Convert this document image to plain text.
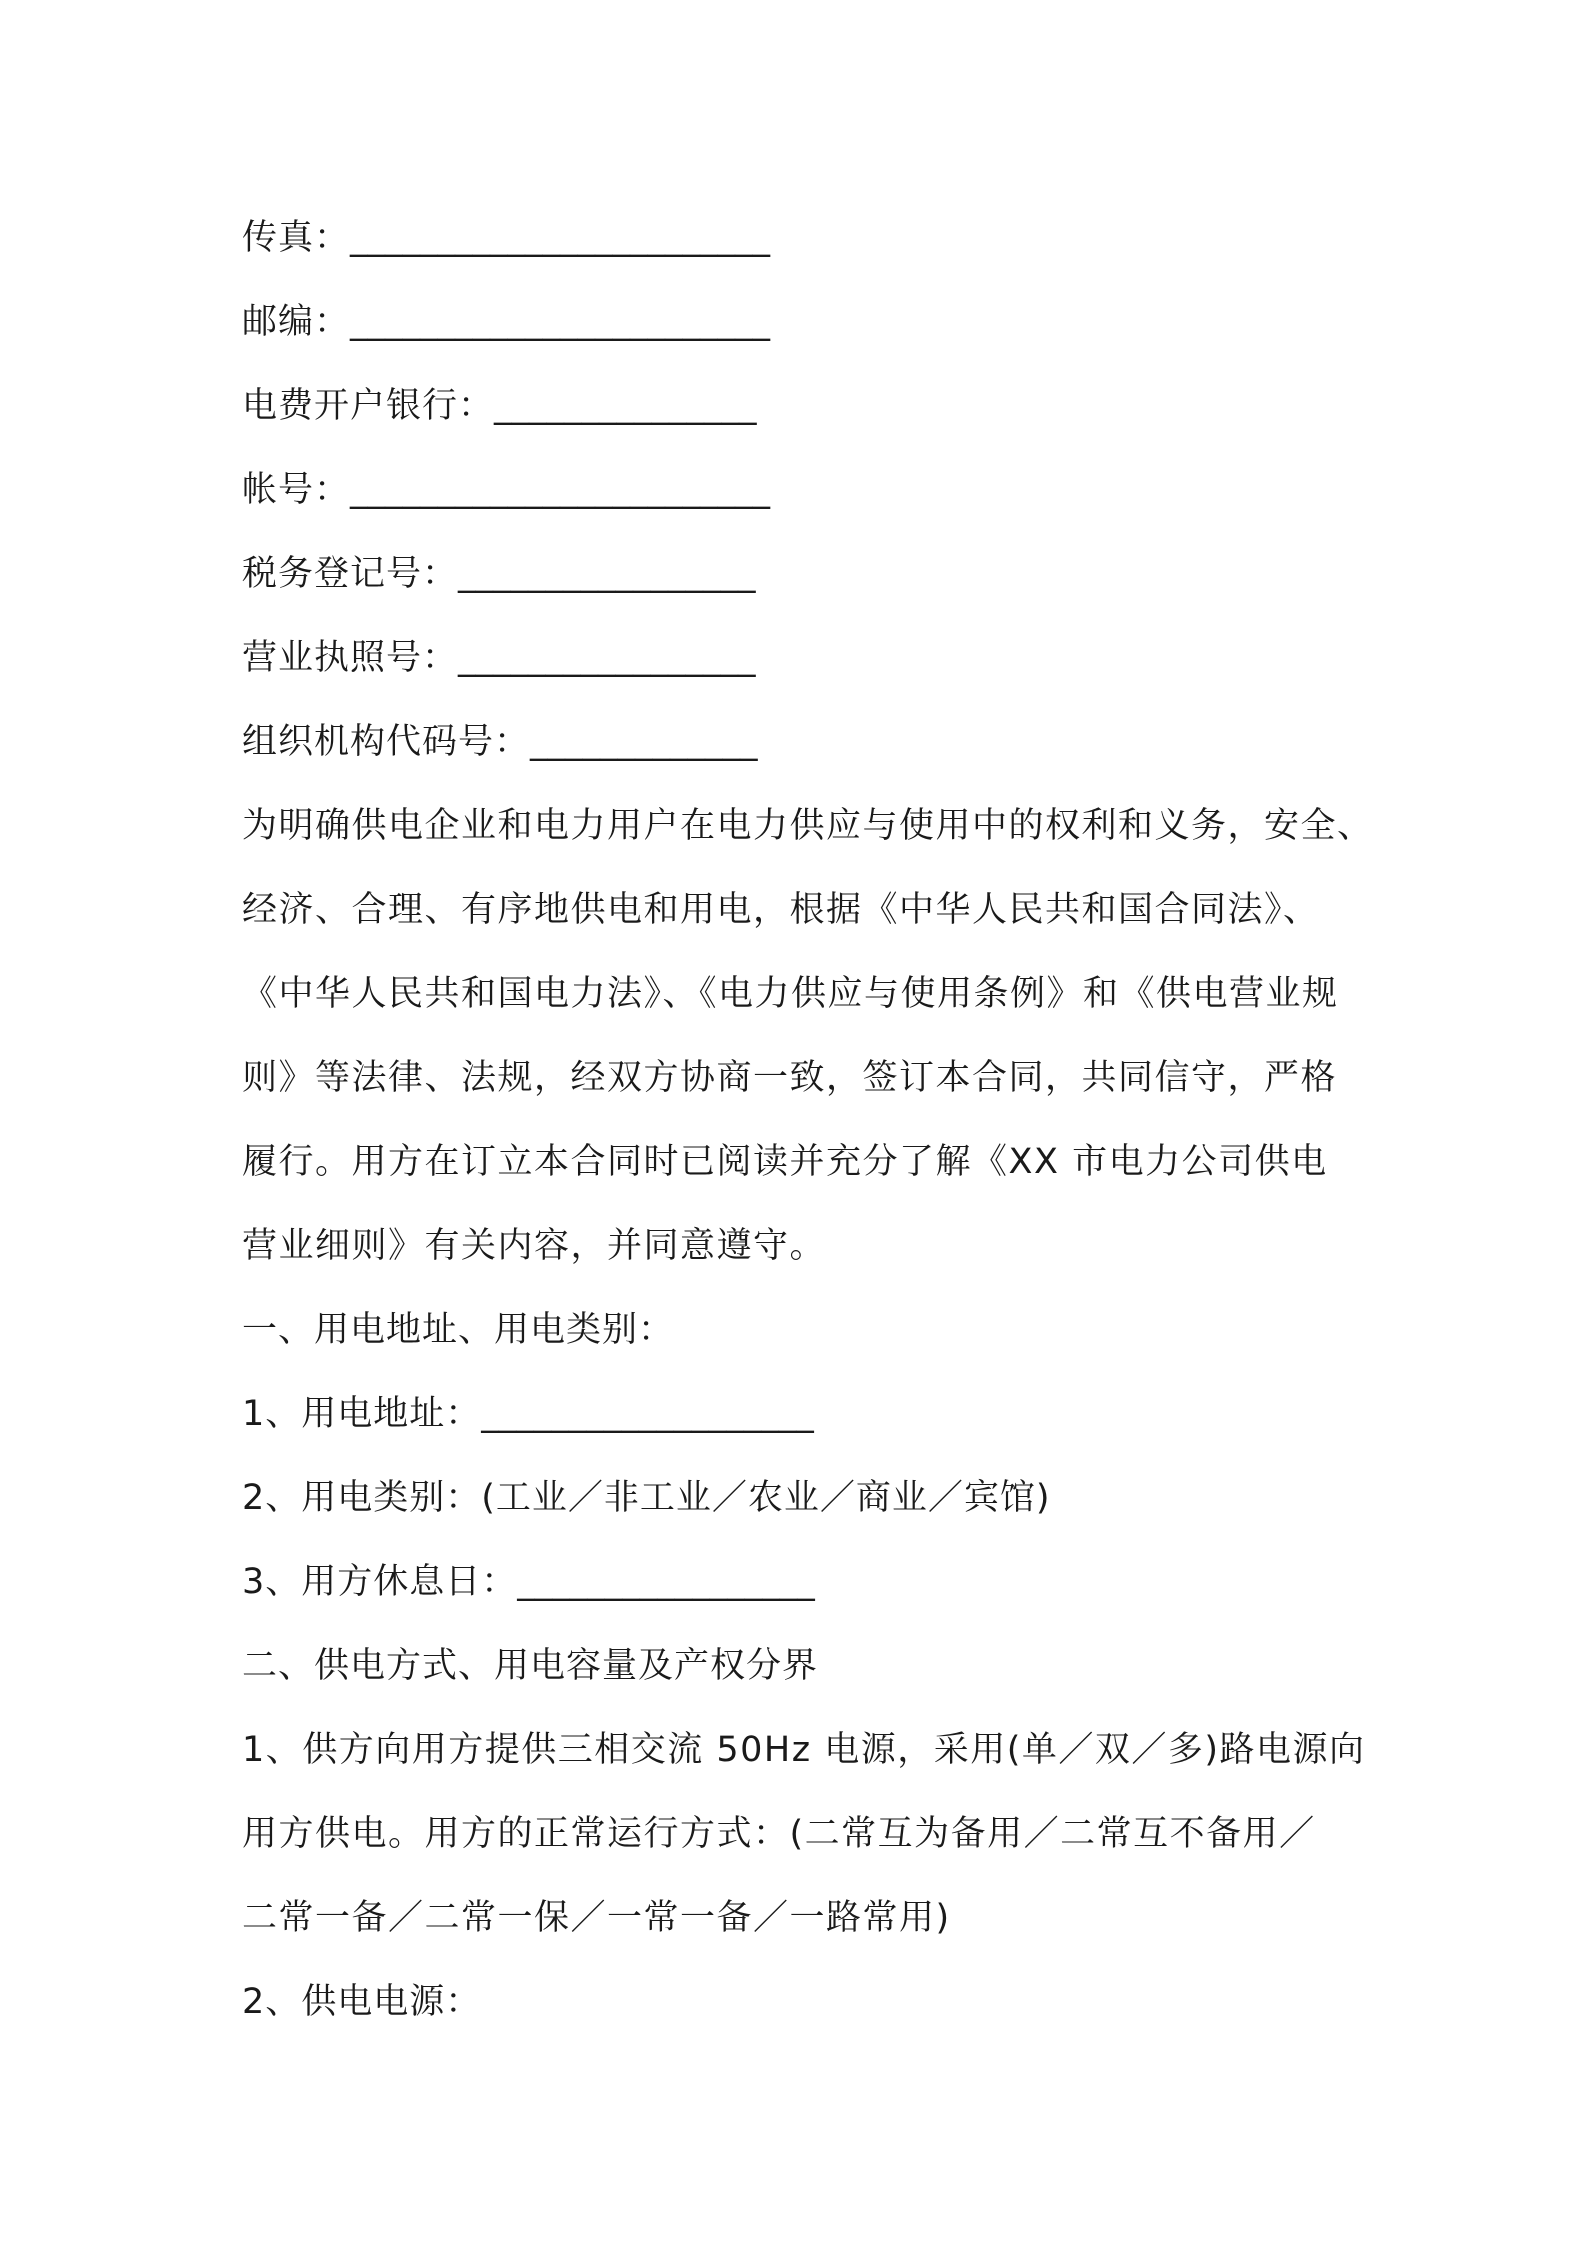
传真：________________________
邮编：________________________
电费开户银行：_______________
帐号：________________________
税务登记号：_________________
营业执照号：_________________
组织机构代码号：_____________
为明确供电企业和电力用户在电力供应与使用中的权利和义务，安全、
经济、合理、有序地供电和用电，根据《中华人民共和国合同法》、
《中华人民共和国电力法》、《电力供应与使用条例》和《供电营业规
则》等法律、法规，经双方协商一致，签订本合同，共同信守，严格
履行。用方在订立本合同时已阅读并充分了解《XX 市电力公司供电
营业细则》有关内容，并同意遵守。
一、用电地址、用电类别：
1、用电地址：___________________
2、用电类别：(工业／非工业／农业／商业／宾馆)
3、用方休息日：_________________
二、供电方式、用电容量及产权分界
1、供方向用方提供三相交流 50Hz 电源，采用(单／双／多)路电源向
用方供电。用方的正常运行方式：(二常互为备用／二常互不备用／
二常一备／二常一保／一常一备／一路常用)
2、供电电源：
